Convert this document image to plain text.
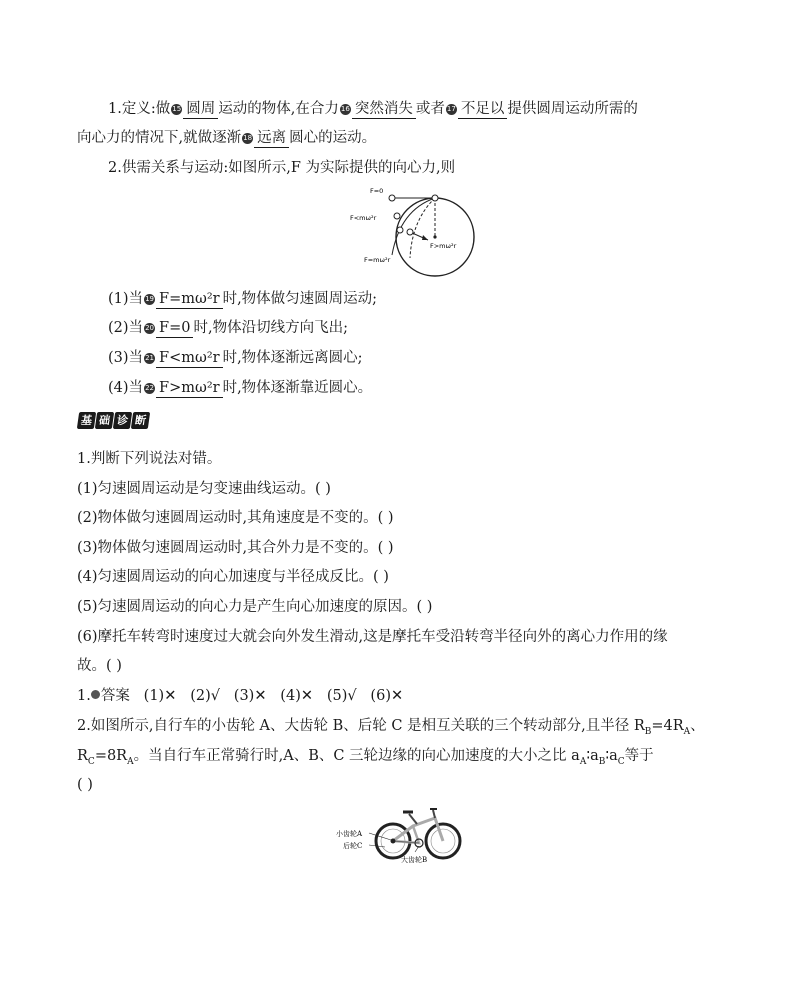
1.定义:做 15 圆周 运动的物体,在合力 16 突然消失 或者 17 不足以 提供圆周运动所需的
向心力的情况下,就做逐渐 18 远离 圆心的运动。
2.供需关系与运动:如图所示,F 为实际提供的向心力,则
F=0
F<mω²r
F=mω²r
F>mω²r
(1)当 19 F=mω²r 时,物体做匀速圆周运动;
(2)当 20 F=0 时,物体沿切线方向飞出;
(3)当 21 F<mω²r 时,物体逐渐远离圆心;
(4)当 22 F>mω²r 时,物体逐渐靠近圆心。
基 础 诊 断
1.判断下列说法对错。
(1)匀速圆周运动是匀变速曲线运动。( )
(2)物体做匀速圆周运动时,其角速度是不变的。( )
(3)物体做匀速圆周运动时,其合外力是不变的。( )
(4)匀速圆周运动的向心加速度与半径成反比。( )
(5)匀速圆周运动的向心力是产生向心加速度的原因。( )
(6)摩托车转弯时速度过大就会向外发生滑动,这是摩托车受沿转弯半径向外的离心力作用的缘
故。( )
1. 答案 (1)✕   (2)√   (3)✕   (4)✕   (5)√   (6)✕
2.如图所示,自行车的小齿轮 A、大齿轮 B、后轮 C 是相互关联的三个转动部分,且半径 $R_B=4R_A$、
$R_C=8R_A$。当自行车正常骑行时,A、B、C 三轮边缘的向心加速度的大小之比 $a_A∶a_B∶a_C$等于
( )
小齿轮A
后轮C
大齿轮B
